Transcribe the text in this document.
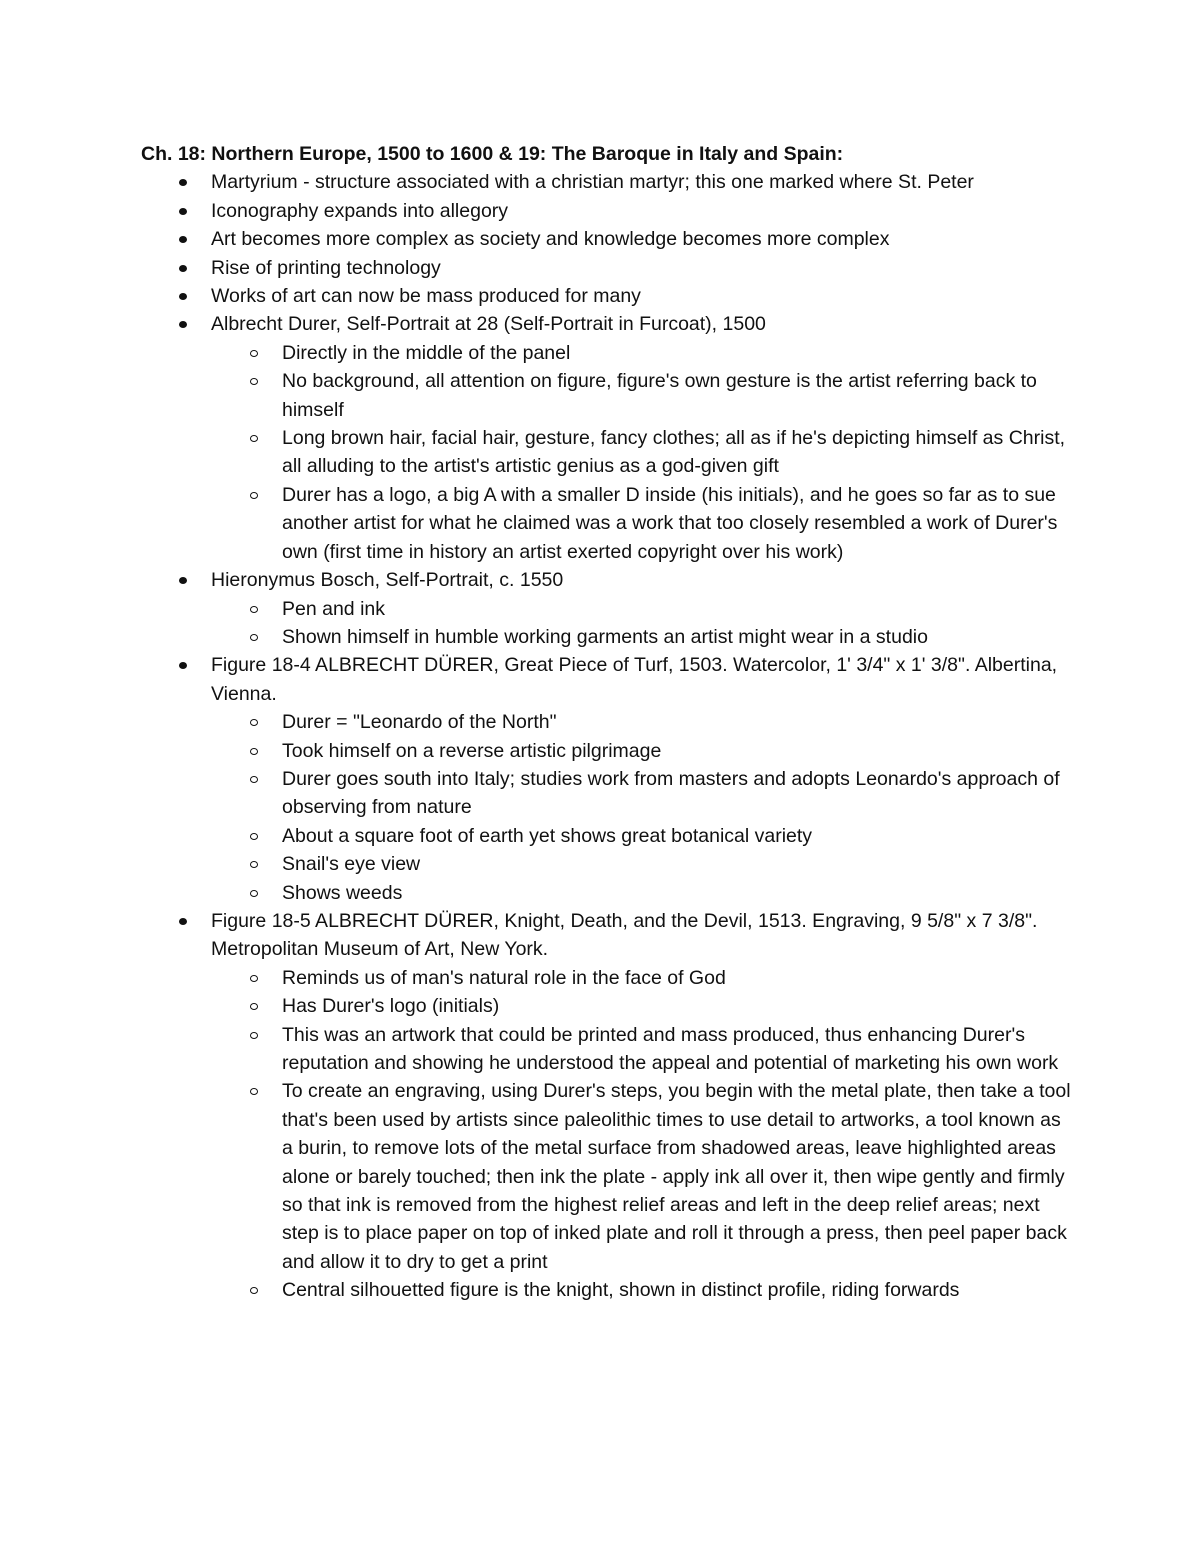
Ch. 18: Northern Europe, 1500 to 1600 & 19: The Baroque in Italy and Spain:

Martyrium - structure associated with a christian martyr; this one marked where St. Peter
Iconography expands into allegory
Art becomes more complex as society and knowledge becomes more complex
Rise of printing technology
Works of art can now be mass produced for many
Albrecht Durer, Self-Portrait at 28 (Self-Portrait in Furcoat), 1500
Directly in the middle of the panel
No background, all attention on figure, figure's own gesture is the artist referring back to himself
Long brown hair, facial hair, gesture, fancy clothes; all as if he's depicting himself as Christ, all alluding to the artist's artistic genius as a god-given gift
Durer has a logo, a big A with a smaller D inside (his initials), and he goes so far as to sue another artist for what he claimed was a work that too closely resembled a work of Durer's own (first time in history an artist exerted copyright over his work)
Hieronymus Bosch, Self-Portrait, c. 1550
Pen and ink
Shown himself in humble working garments an artist might wear in a studio
Figure 18-4 ALBRECHT DÜRER, Great Piece of Turf, 1503. Watercolor, 1' 3/4" x 1' 3/8". Albertina, Vienna.
Durer = "Leonardo of the North"
Took himself on a reverse artistic pilgrimage
Durer goes south into Italy; studies work from masters and adopts Leonardo's approach of observing from nature
About a square foot of earth yet shows great botanical variety
Snail's eye view
Shows weeds
Figure 18-5 ALBRECHT DÜRER, Knight, Death, and the Devil, 1513. Engraving, 9 5/8" x 7 3/8". Metropolitan Museum of Art, New York.
Reminds us of man's natural role in the face of God
Has Durer's logo (initials)
This was an artwork that could be printed and mass produced, thus enhancing Durer's reputation and showing he understood the appeal and potential of marketing his own work
To create an engraving, using Durer's steps, you begin with the metal plate, then take a tool that's been used by artists since paleolithic times to use detail to artworks, a tool known as a burin, to remove lots of the metal surface from shadowed areas, leave highlighted areas alone or barely touched; then ink the plate - apply ink all over it, then wipe gently and firmly so that ink is removed from the highest relief areas and left in the deep relief areas; next step is to place paper on top of inked plate and roll it through a press, then peel paper back and allow it to dry to get a print
Central silhouetted figure is the knight, shown in distinct profile, riding forwards
